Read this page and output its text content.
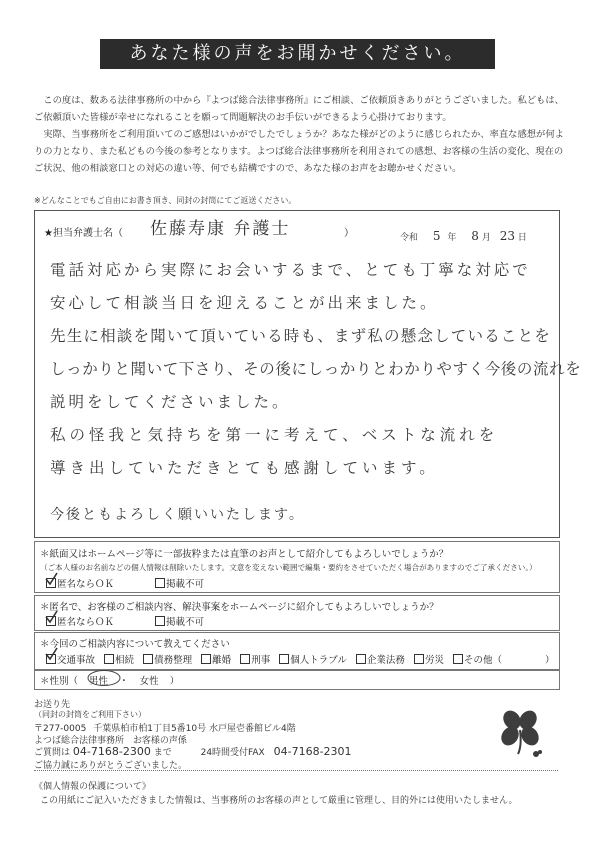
あなた様の声をお聞かせください。

この度は、数ある法律事務所の中から『よつば総合法律事務所』にご相談、ご依頼頂きありがとうございました。私どもは、ご依頼頂いた皆様が幸せになれることを願って問題解決のお手伝いができるよう心掛けております。

実際、当事務所をご利用頂いてのご感想はいかがでしたでしょうか？あなた様がどのように感じられたか、率直な感想が何よりの力となり、また私どもの今後の参考となります。よつば総合法律事務所を利用されての感想、お客様の生活の変化、現在のご状況、他の相談窓口との対応の違い等、何でも結構ですので、あなた様のお声をお聴かせください。

※どんなことでもご自由にお書き頂き、同封の封筒にてご返送ください。
★担当弁護士名（ 佐藤寿康 弁護士	）	令和 5 年 8 月 23 日
電話対応から実際にお会いするまで、とても丁寧な対応で
安心して相談当日を迎えることが出来ました。
先生に相談を聞いて頂いている時も、まず私の懸念していることを
しっかりと聞いて下さり、その後にしっかりとわかりやすく今後の流れを
説明をしてくださいました。
私の怪我と気持ちを第一に考えて、ベストな流れを
導き出していただきとても感謝しています。
今後ともよろしく願いいたします。
＊紙面又はホームページ等に一部抜粋または直筆のお声として紹介してもよろしいでしょうか？
（ご本人様のお名前などの個人情報は削除いたします。文意を変えない範囲で編集・要約をさせていただく場合がありますのでご了承ください。）
匿名ならＯＫ	掲載不可
＊匿名で、お客様のご相談内容、解決事案をホームページに紹介してもよろしいでしょうか？
匿名ならＯＫ	掲載不可
＊今回のご相談内容について教えてください
交通事故 相続 債務整理 離婚 刑事 個人トラブル 企業法務 労災 その他（	）
＊性別（ 男性 ・ 女性 ）
お送り先
（同封の封筒をご利用下さい）
〒277-0005 千葉県柏市柏1丁目5番10号 水戸屋壱番館ビル4階
よつば総合法律事務所 お客様の声係
ご質問は 04-7168-2300 まで	24時間受付FAX 04-7168-2301
ご協力誠にありがとうございました。
《個人情報の保護について》
この用紙にご記入いただきました情報は、当事務所のお客様の声として厳重に管理し、目的外には使用いたしません。
